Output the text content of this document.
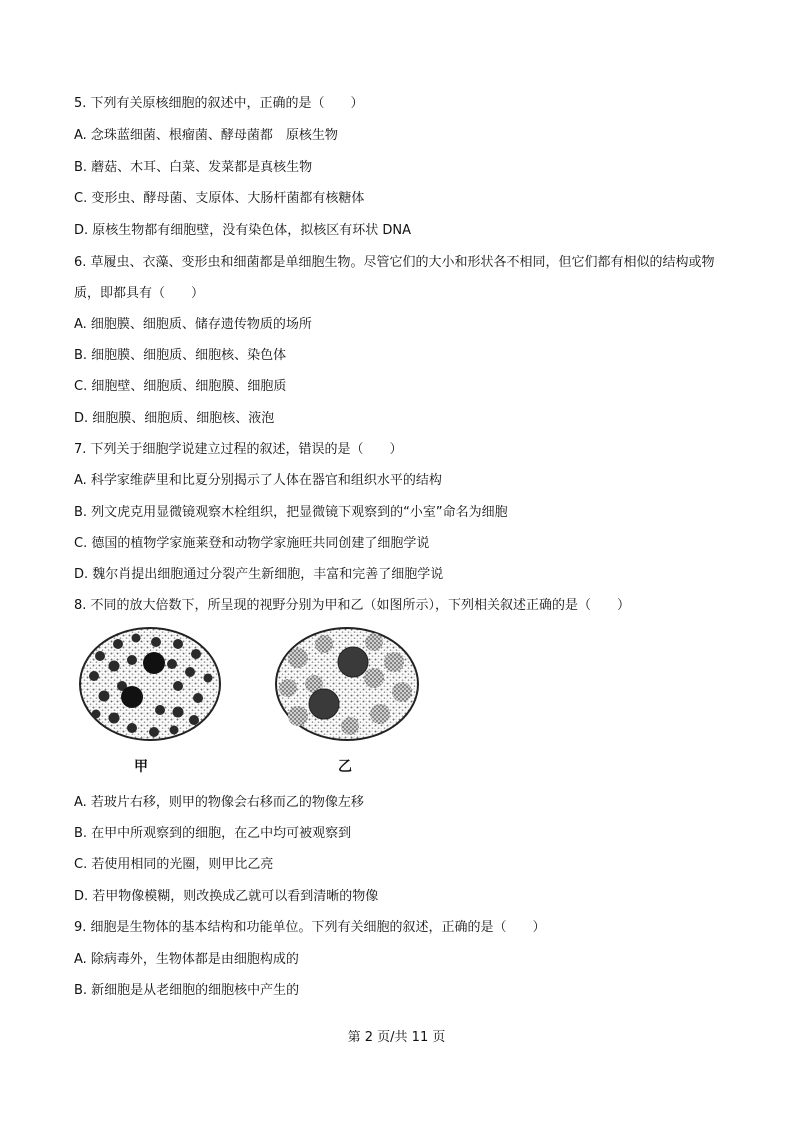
5. 下列有关原核细胞的叙述中，正确的是（　　）
A. 念珠蓝细菌、根瘤菌、酵母菌都　原核生物
B. 蘑菇、木耳、白菜、发菜都是真核生物
C. 变形虫、酵母菌、支原体、大肠杆菌都有核糖体
D. 原核生物都有细胞壁，没有染色体，拟核区有环状 DNA
6. 草履虫、衣藻、变形虫和细菌都是单细胞生物。尽管它们的大小和形状各不相同，但它们都有相似的结构或物质，即都具有（　　）
A. 细胞膜、细胞质、储存遗传物质的场所
B. 细胞膜、细胞质、细胞核、染色体
C. 细胞壁、细胞质、细胞膜、细胞质
D. 细胞膜、细胞质、细胞核、液泡
7. 下列关于细胞学说建立过程的叙述，错误的是（　　）
A. 科学家维萨里和比夏分别揭示了人体在器官和组织水平的结构
B. 列文虎克用显微镜观察木栓组织，把显微镜下观察到的“小室”命名为细胞
C. 德国的植物学家施莱登和动物学家施旺共同创建了细胞学说
D. 魏尔肖提出细胞通过分裂产生新细胞，丰富和完善了细胞学说
8. 不同的放大倍数下，所呈现的视野分别为甲和乙（如图所示），下列相关叙述正确的是（　　）
甲	乙
A. 若玻片右移，则甲的物像会右移而乙的物像左移
B. 在甲中所观察到的细胞，在乙中均可被观察到
C. 若使用相同的光圈，则甲比乙亮
D. 若甲物像模糊，则改换成乙就可以看到清晰的物像
9. 细胞是生物体的基本结构和功能单位。下列有关细胞的叙述，正确的是（　　）
A. 除病毒外，生物体都是由细胞构成的
B. 新细胞是从老细胞的细胞核中产生的
第 2 页/共 11 页
